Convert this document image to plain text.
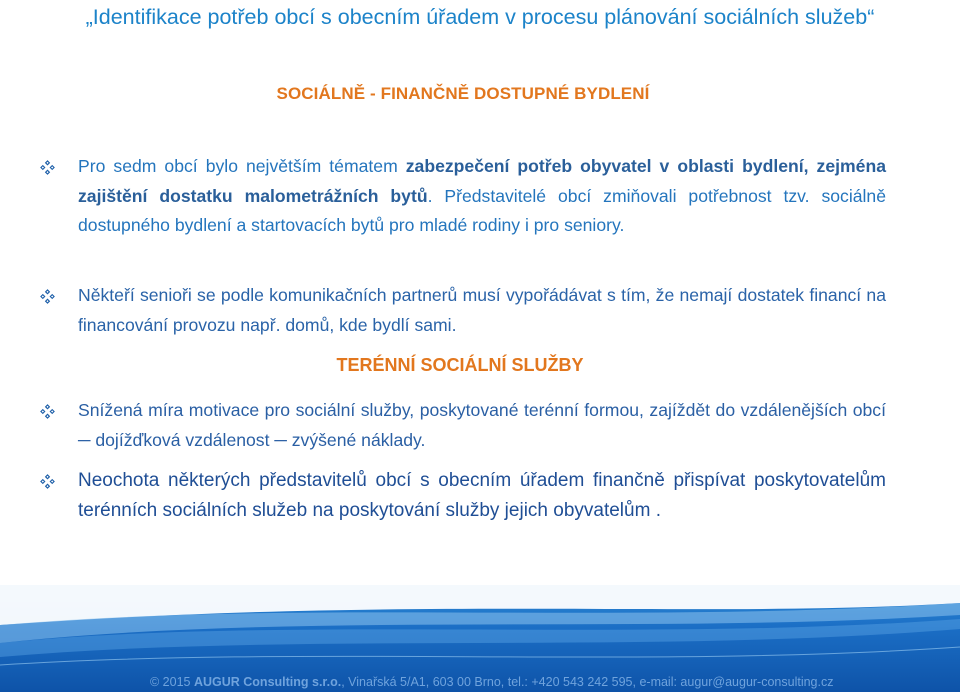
„Identifikace potřeb obcí s obecním úřadem v procesu plánování sociálních služeb“
SOCIÁLNĚ - FINANČNĚ DOSTUPNÉ BYDLENÍ

Pro sedm obcí bylo největším tématem zabezpečení potřeb obyvatel v oblasti bydlení, zejména zajištění dostatku malometrážních bytů. Představitelé obcí zmiňovali potřebnost tzv. sociálně dostupného bydlení a startovacích bytů pro mladé rodiny i pro seniory.

Někteří senioři se podle komunikačních partnerů musí vypořádávat s tím, že nemají dostatek financí na financování provozu např. domů, kde bydlí sami.

TERÉNNÍ SOCIÁLNÍ SLUŽBY

Snížená míra motivace pro sociální služby, poskytované terénní formou, zajíždět do vzdálenějších obcí ─ dojížďková vzdálenost ─ zvýšené náklady.

Neochota některých představitelů obcí s obecním úřadem finančně přispívat poskytovatelům terénních sociálních služeb na poskytování služby jejich obyvatelům .

© 2015 AUGUR Consulting s.r.o., Vinařská 5/A1, 603 00 Brno, tel.: +420 543 242 595, e-mail: augur@augur-consulting.cz
